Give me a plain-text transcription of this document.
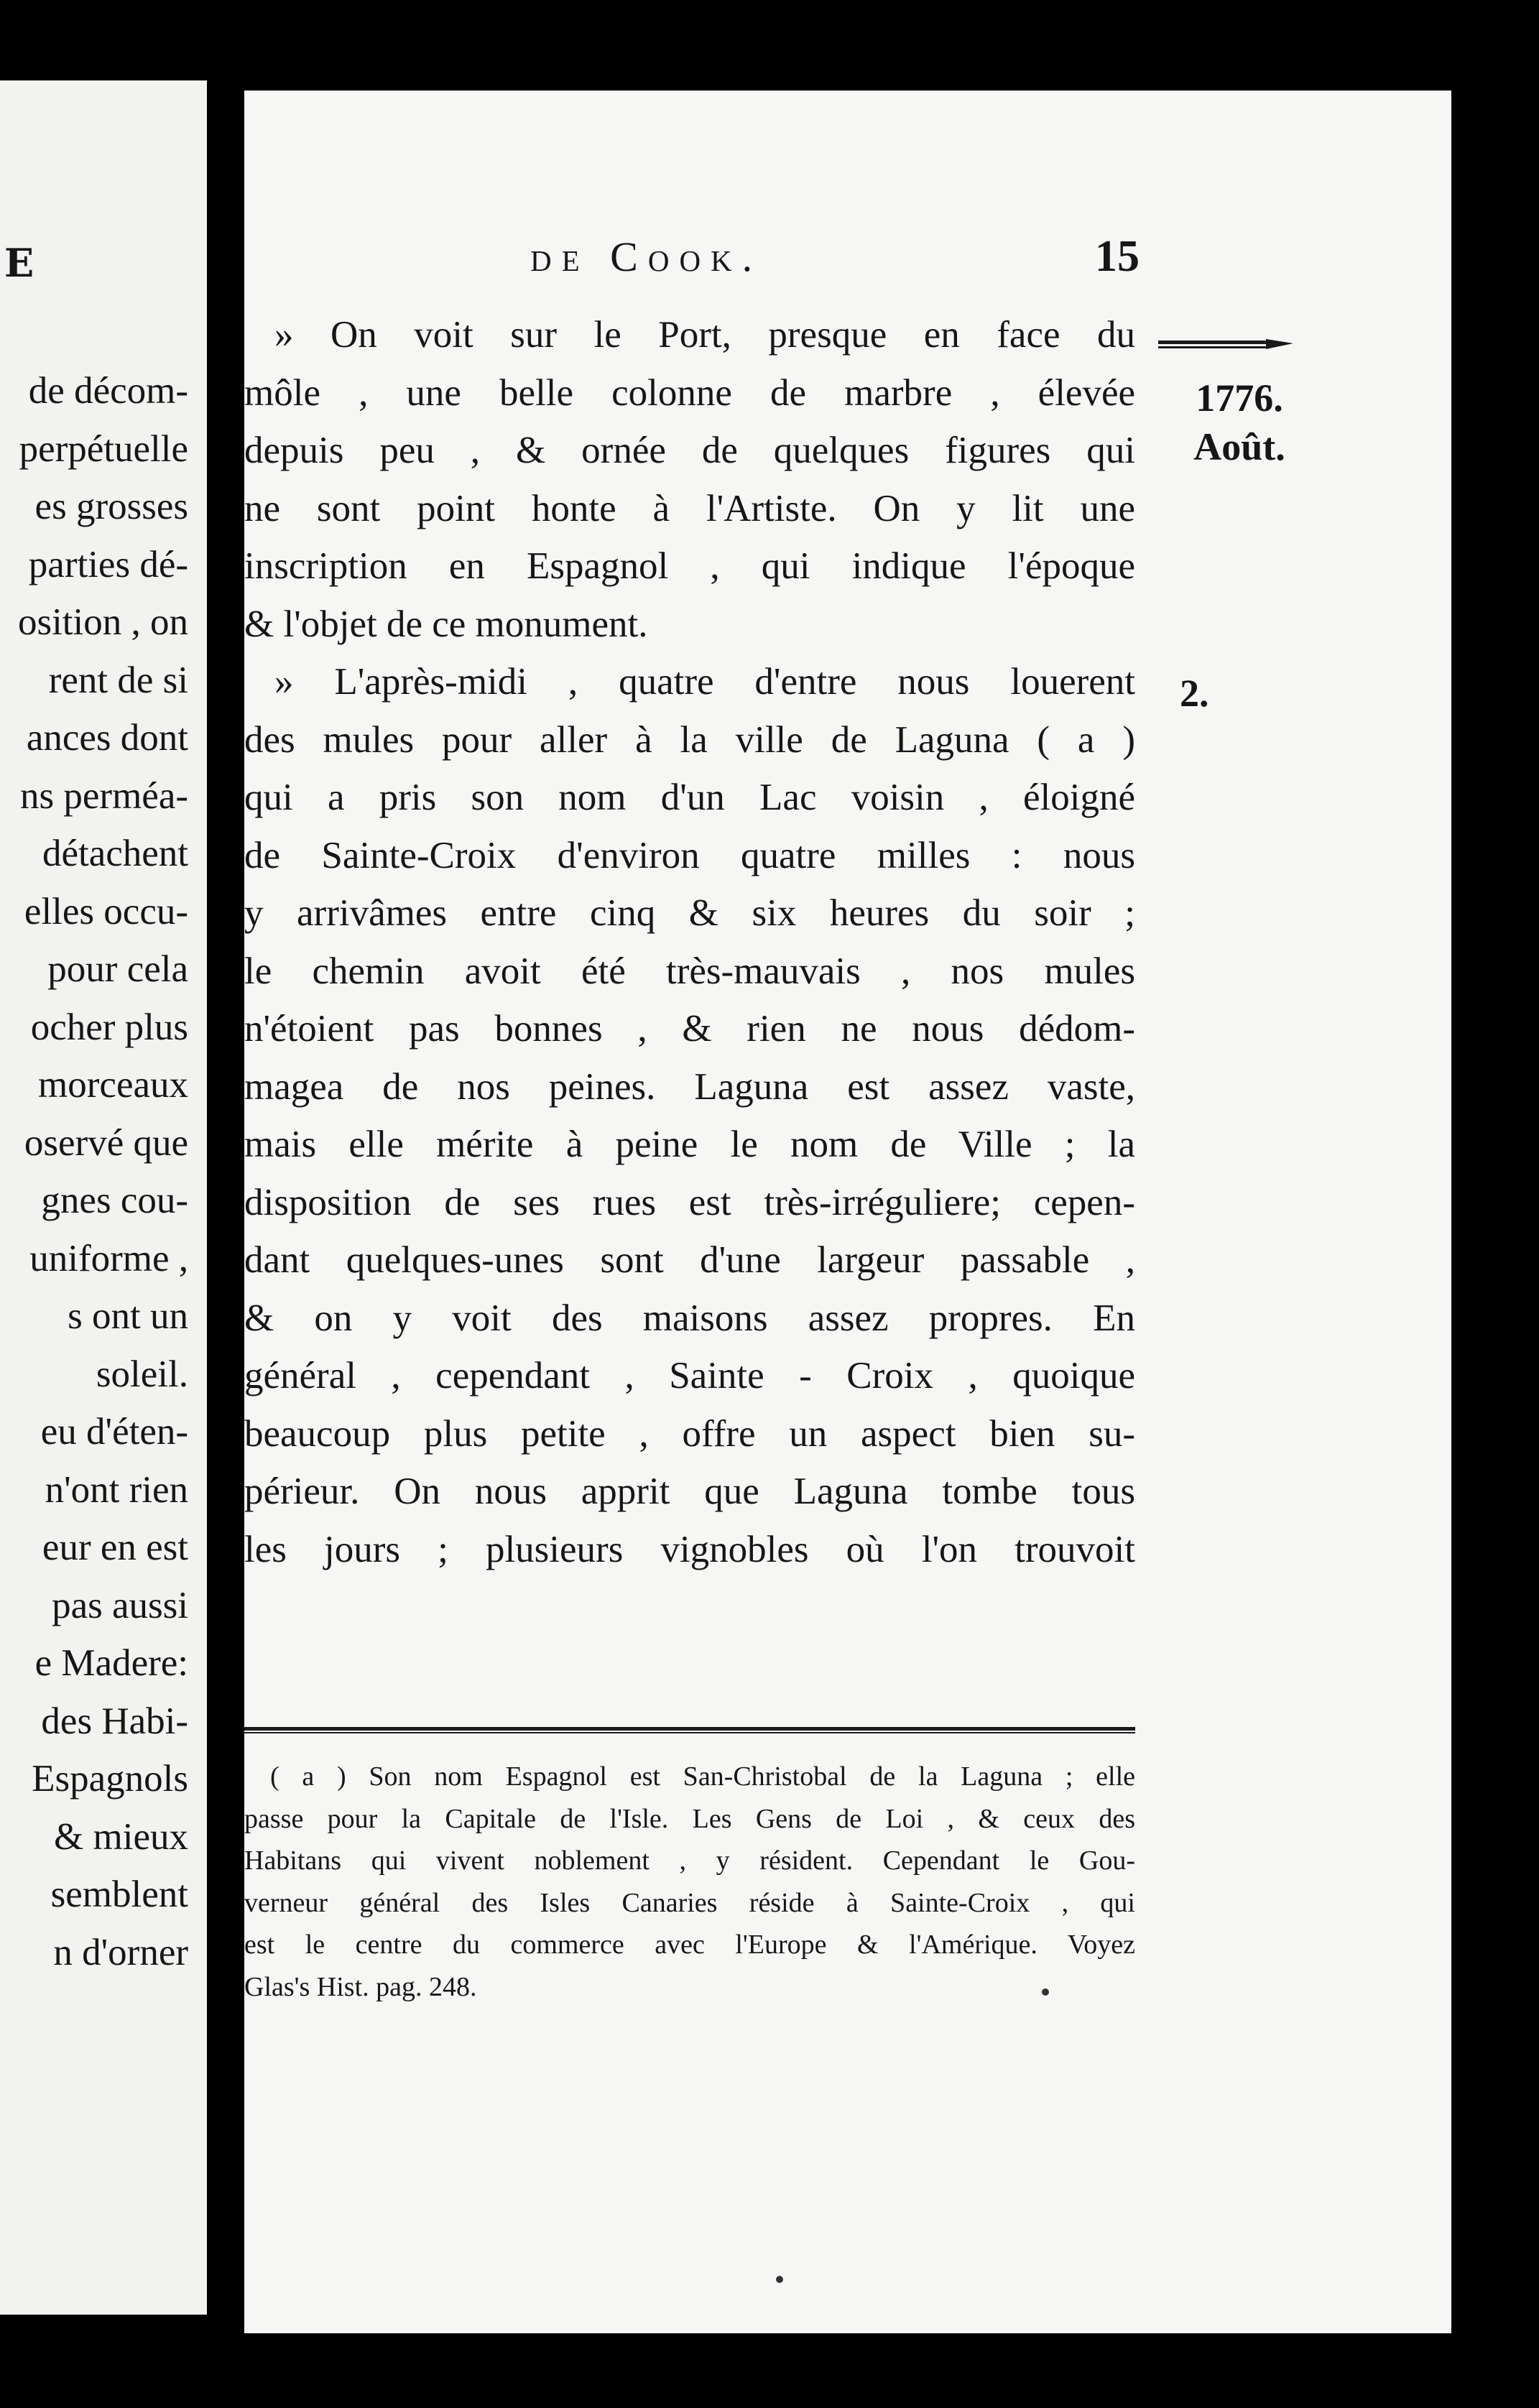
E
de décom-
perpétuelle
es grosses
parties dé-
osition , on
rent de si
ances dont
ns perméa-
détachent
elles occu-
pour cela
ocher plus
morceaux
oservé que
gnes cou-
uniforme ,
s ont un
soleil.
eu d'éten-
n'ont rien
eur en est
pas aussi
e Madere:
des Habi-
Espagnols
& mieux
semblent
n d'orner
de Cook.	15
1776.
Août.
2.
» On voit sur le Port, presque en face du
môle , une belle colonne de marbre , élevée
depuis peu , & ornée de quelques figures qui
ne sont point honte à l'Artiste. On y lit une
inscription en Espagnol , qui indique l'époque
& l'objet de ce monument.
» L'après-midi , quatre d'entre nous louerent
des mules pour aller à la ville de Laguna ( a )
qui a pris son nom d'un Lac voisin , éloigné
de Sainte-Croix d'environ quatre milles : nous
y arrivâmes entre cinq & six heures du soir ;
le chemin avoit été très-mauvais , nos mules
n'étoient pas bonnes , & rien ne nous dédom-
magea de nos peines. Laguna est assez vaste,
mais elle mérite à peine le nom de Ville ; la
disposition de ses rues est très-irréguliere; cepen-
dant quelques-unes sont d'une largeur passable ,
& on y voit des maisons assez propres. En
général , cependant , Sainte - Croix , quoique
beaucoup plus petite , offre un aspect bien su-
périeur. On nous apprit que Laguna tombe tous
les jours ; plusieurs vignobles où l'on trouvoit
( a ) Son nom Espagnol est San-Christobal de la Laguna ; elle
passe pour la Capitale de l'Isle. Les Gens de Loi , & ceux des
Habitans qui vivent noblement , y résident. Cependant le Gou-
verneur général des Isles Canaries réside à Sainte-Croix , qui
est le centre du commerce avec l'Europe & l'Amérique. Voyez
Glas's Hist. pag. 248.
